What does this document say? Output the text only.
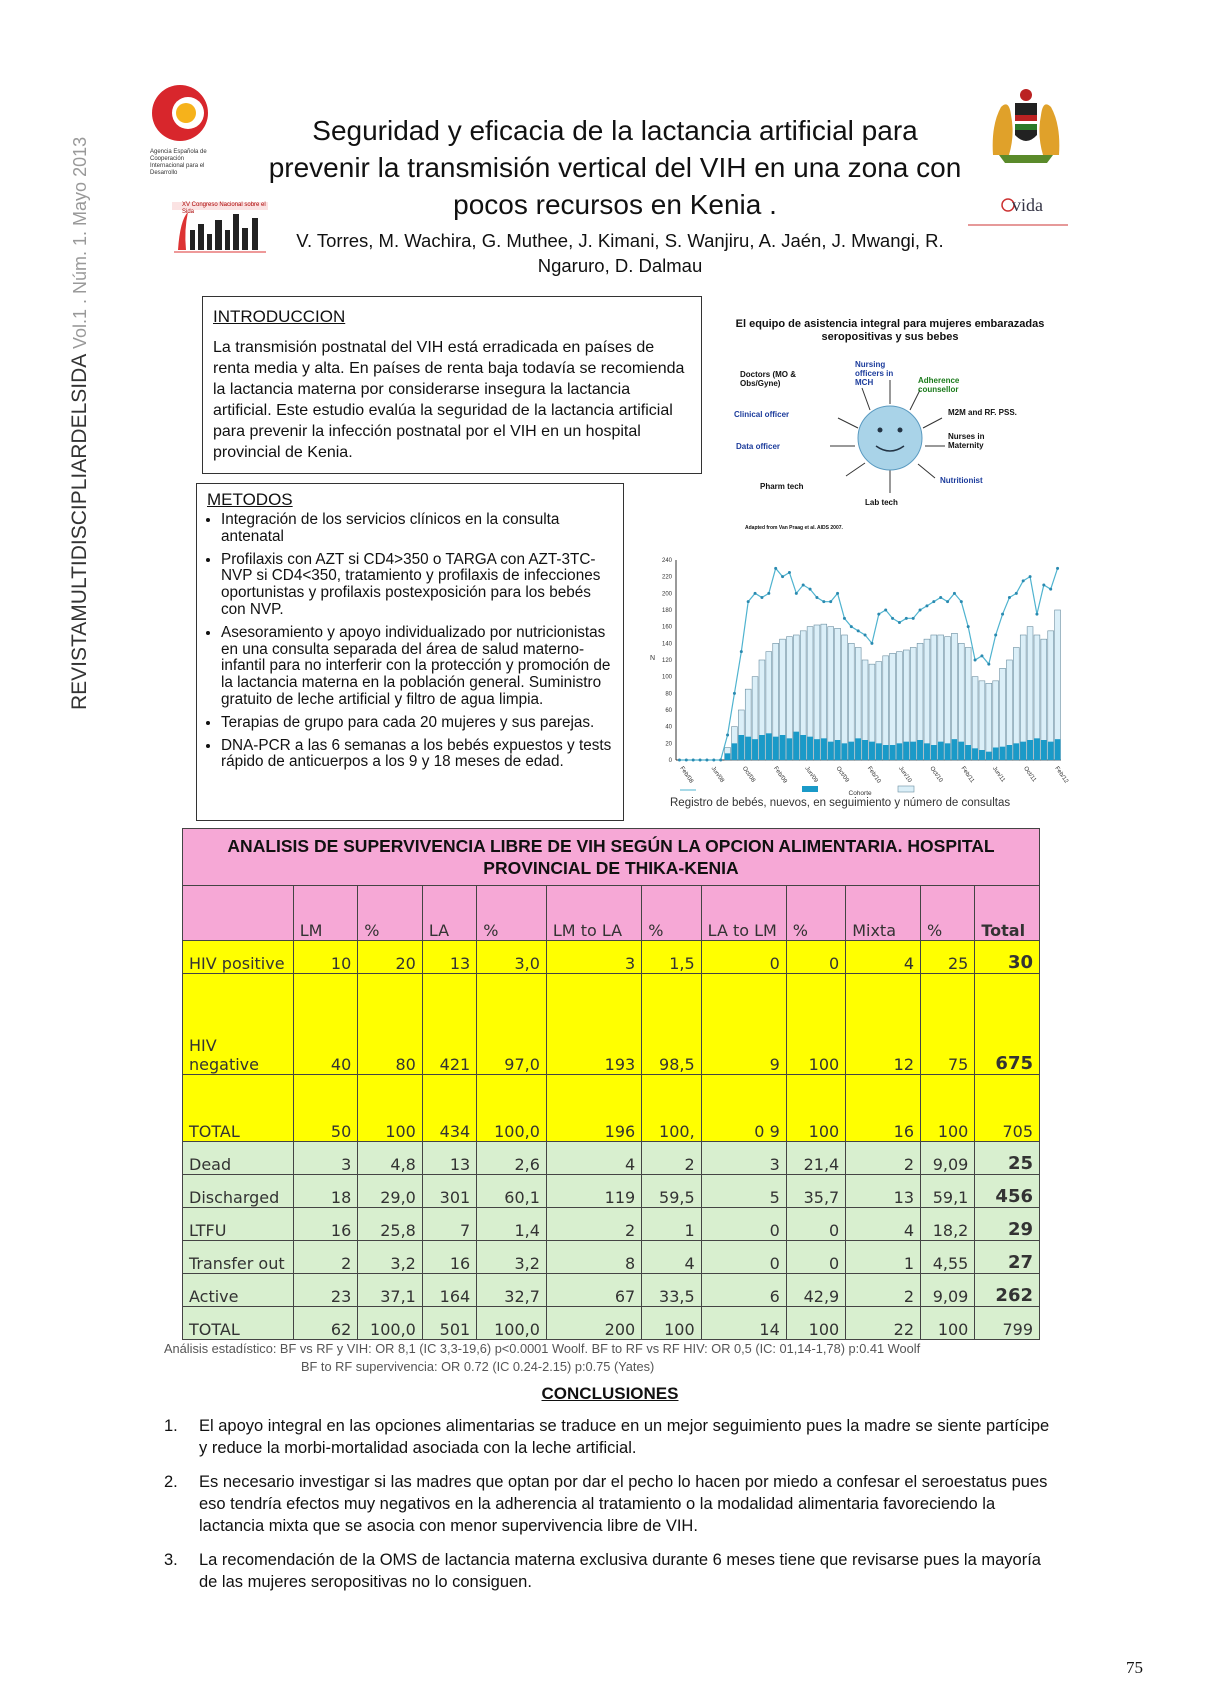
REVISTAMULTIDISCIPLIARDELSIDA Vol.1 . Núm. 1. Mayo 2013	Agencia Española de Cooperación Internacional para el Desarrollo
XV Congreso Nacional sobre el Sida	vida
Seguridad y eficacia de la lactancia artificial para prevenir la transmisión vertical del VIH en una zona con pocos recursos en Kenia .
V. Torres, M. Wachira, G. Muthee, J. Kimani, S. Wanjiru, A. Jaén, J. Mwangi, R. Ngaruro, D. Dalmau
INTRODUCCION

La transmisión postnatal del VIH está erradicada en países de renta media y alta. En países de renta baja todavía se recomienda la lactancia materna por considerarse insegura la lactancia artificial. Este estudio evalúa la seguridad de la lactancia artificial para prevenir la infección postnatal por el VIH en un hospital provincial de Kenia.

METODOS
• Integración de los servicios clínicos en la consulta antenatal
• Profilaxis con AZT si CD4>350 o TARGA con AZT-3TC-NVP si CD4<350, tratamiento y profilaxis de infecciones oportunistas y profilaxis postexposición para los bebés con NVP.
• Asesoramiento y apoyo individualizado por nutricionistas en una consulta separada del área de salud materno-infantil para no interferir con la protección y promoción de la lactancia materna en la población general. Suministro gratuito de leche artificial y filtro de agua limpia.
• Terapias de grupo para cada 20 mujeres y sus parejas.
• DNA-PCR a las 6 semanas a los bebés expuestos y tests rápido de anticuerpos a los 9 y 18 meses de edad.
El equipo de asistencia integral para mujeres embarazadas seropositivas y sus bebes
Doctors (MO & Obs/Gyne)
Nursing officers in MCH	Adherence counsellor
Clinical officer	M2M and RF. PSS.
Nurses in Maternity
Data officer
Nutritionist
Pharm tech
Lab tech
Adapted from Van Praag et al. AIDS 2007.
0
20
40
60
80
100
120
140
160
180
200
220
240
N
Feb/08	Jun/08	Oct/08	Feb/09	Jun/09	Oct/09	Feb/10	Jun/10	Oct/10	Feb/11	Jun/11	Oct/11	Feb/12
Cohorte
Registro de bebés, nuevos, en seguimiento y número de consultas
ANALISIS DE SUPERVIVENCIA LIBRE DE VIH SEGÚN LA OPCION ALIMENTARIA. HOSPITAL PROVINCIAL DE THIKA-KENIA											
	LM	%	LA	%	LM to LA	%	LA to LM	%	Mixta	%	Total
HIV positive	10	20	13	3,0	3	1,5	0	0	4	25	30
HIV negative	40	80	421	97,0	193	98,5	9	100	12	75	675
TOTAL	50	100	434	100,0	196	100,	0 9	100	16	100	705
Dead	3	4,8	13	2,6	4	2	3	21,4	2	9,09	25
Discharged	18	29,0	301	60,1	119	59,5	5	35,7	13	59,1	456
LTFU	16	25,8	7	1,4	2	1	0	0	4	18,2	29
Transfer out	2	3,2	16	3,2	8	4	0	0	1	4,55	27
Active	23	37,1	164	32,7	67	33,5	6	42,9	2	9,09	262
TOTAL	62	100,0	501	100,0	200	100	14	100	22	100	799
Análisis estadístico: BF vs RF y VIH: OR 8,1 (IC 3,3-19,6) p<0.0001 Woolf. BF to RF vs RF HIV: OR 0,5 (IC: 01,14-1,78) p:0.41 Woolf
BF to RF supervivencia: OR 0.72 (IC 0.24-2.15) p:0.75 (Yates)
CONCLUSIONES
1.	El apoyo integral en las opciones alimentarias se traduce en un mejor seguimiento pues la madre se siente partícipe y reduce la morbi-mortalidad asociada con la leche artificial.
2.	Es necesario investigar si las madres que optan por dar el pecho lo hacen por miedo a confesar el seroestatus pues eso tendría efectos muy negativos en la adherencia al tratamiento o la modalidad alimentaria favoreciendo la lactancia mixta que se asocia con menor supervivencia libre de VIH.
3.	La recomendación de la OMS de lactancia materna exclusiva durante 6 meses tiene que revisarse pues la mayoría de las mujeres seropositivas no lo consiguen.
75
